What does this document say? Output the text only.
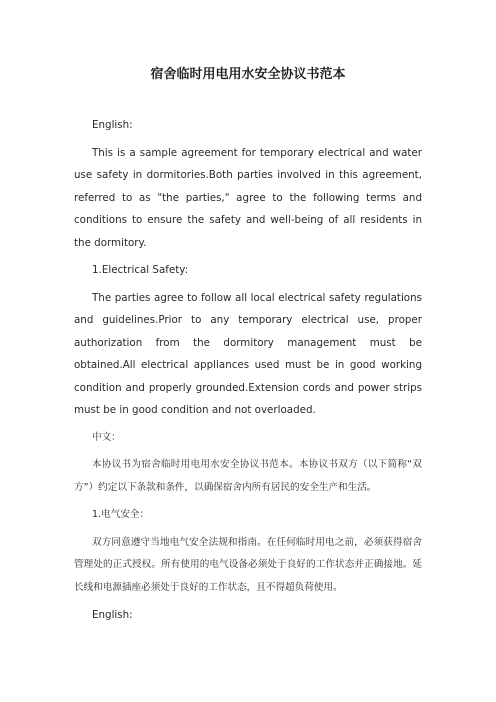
宿舍临时用电用水安全协议书范本

English:

This is a sample agreement for temporary electrical and water use safety in dormitories.Both parties involved in this agreement, referred to as "the parties," agree to the following terms and conditions to ensure the safety and well-being of all residents in the dormitory.

1.Electrical Safety:

The parties agree to follow all local electrical safety regulations and guidelines.Prior to any temporary electrical use, proper authorization from the dormitory management must be obtained.All electrical appliances used must be in good working condition and properly grounded.Extension cords and power strips must be in good condition and not overloaded.

中文：

本协议书为宿舍临时用电用水安全协议书范本。本协议书双方（以下简称“双方”）约定以下条款和条件，以确保宿舍内所有居民的安全生产和生活。

1.电气安全：

双方同意遵守当地电气安全法规和指南。在任何临时用电之前，必须获得宿舍管理处的正式授权。所有使用的电气设备必须处于良好的工作状态并正确接地。延长线和电源插座必须处于良好的工作状态，且不得超负荷使用。

English:
